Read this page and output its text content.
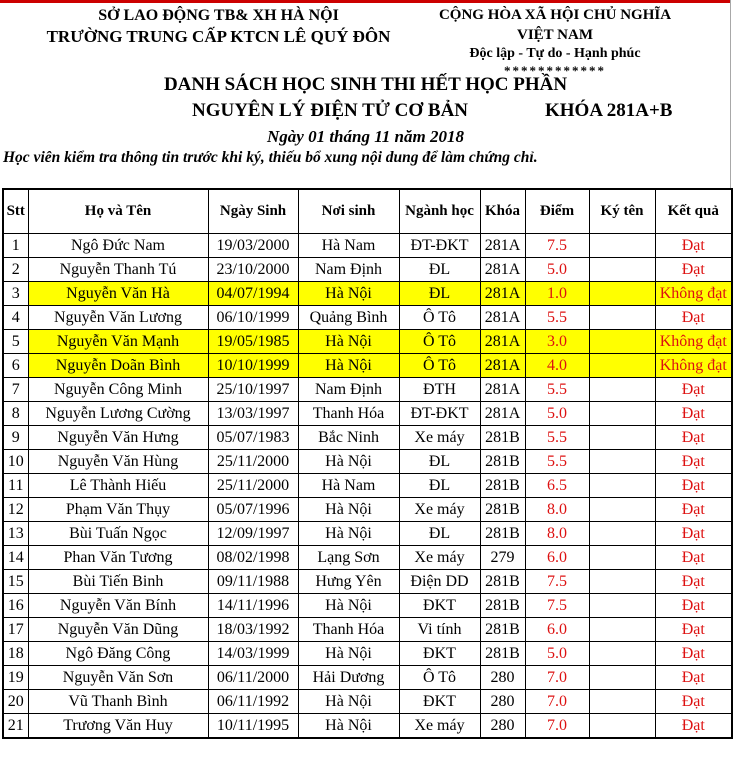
SỞ LAO ĐỘNG TB& XH HÀ NỘI
TRƯỜNG TRUNG CẤP KTCN LÊ QUÝ ĐÔN
CỘNG HÒA XÃ HỘI CHỦ NGHĨA VIỆT NAM
Độc lập - Tự do - Hạnh phúc
************
DANH SÁCH HỌC SINH THI HẾT HỌC PHẦN
NGUYÊN LÝ ĐIỆN TỬ CƠ BẢN	KHÓA 281A+B
Ngày 01 tháng 11 năm 2018
Học viên kiểm tra thông tin trước khi ký, thiếu bổ xung nội dung để làm chứng chỉ.
Stt	Họ và Tên	Ngày Sinh	Nơi sinh	Ngành học	Khóa	Điểm	Ký tên	Kết quả
1	Ngô Đức Nam	19/03/2000	Hà Nam	ĐT-ĐKT	281A	7.5		Đạt
2	Nguyễn Thanh Tú	23/10/2000	Nam Định	ĐL	281A	5.0		Đạt
3	Nguyễn Văn Hà	04/07/1994	Hà Nội	ĐL	281A	1.0		Không đạt
4	Nguyễn Văn Lương	06/10/1999	Quảng Bình	Ô Tô	281A	5.5		Đạt
5	Nguyễn Văn Mạnh	19/05/1985	Hà Nội	Ô Tô	281A	3.0		Không đạt
6	Nguyễn Doãn Bình	10/10/1999	Hà Nội	Ô Tô	281A	4.0		Không đạt
7	Nguyễn Công Minh	25/10/1997	Nam Định	ĐTH	281A	5.5		Đạt
8	Nguyễn Lương Cường	13/03/1997	Thanh Hóa	ĐT-ĐKT	281A	5.0		Đạt
9	Nguyễn Văn Hưng	05/07/1983	Bắc Ninh	Xe máy	281B	5.5		Đạt
10	Nguyễn Văn Hùng	25/11/2000	Hà Nội	ĐL	281B	5.5		Đạt
11	Lê Thành Hiếu	25/11/2000	Hà Nam	ĐL	281B	6.5		Đạt
12	Phạm Văn Thụy	05/07/1996	Hà Nội	Xe máy	281B	8.0		Đạt
13	Bùi Tuấn Ngọc	12/09/1997	Hà Nội	ĐL	281B	8.0		Đạt
14	Phan Văn Tương	08/02/1998	Lạng Sơn	Xe máy	279	6.0		Đạt
15	Bùi Tiến Binh	09/11/1988	Hưng Yên	Điện DD	281B	7.5		Đạt
16	Nguyễn Văn Bính	14/11/1996	Hà Nội	ĐKT	281B	7.5		Đạt
17	Nguyễn Văn Dũng	18/03/1992	Thanh Hóa	Vi tính	281B	6.0		Đạt
18	Ngô Đăng Công	14/03/1999	Hà Nội	ĐKT	281B	5.0		Đạt
19	Nguyễn Văn Sơn	06/11/2000	Hải Dương	Ô Tô	280	7.0		Đạt
20	Vũ Thanh Bình	06/11/1992	Hà Nội	ĐKT	280	7.0		Đạt
21	Trương Văn Huy	10/11/1995	Hà Nội	Xe máy	280	7.0		Đạt
